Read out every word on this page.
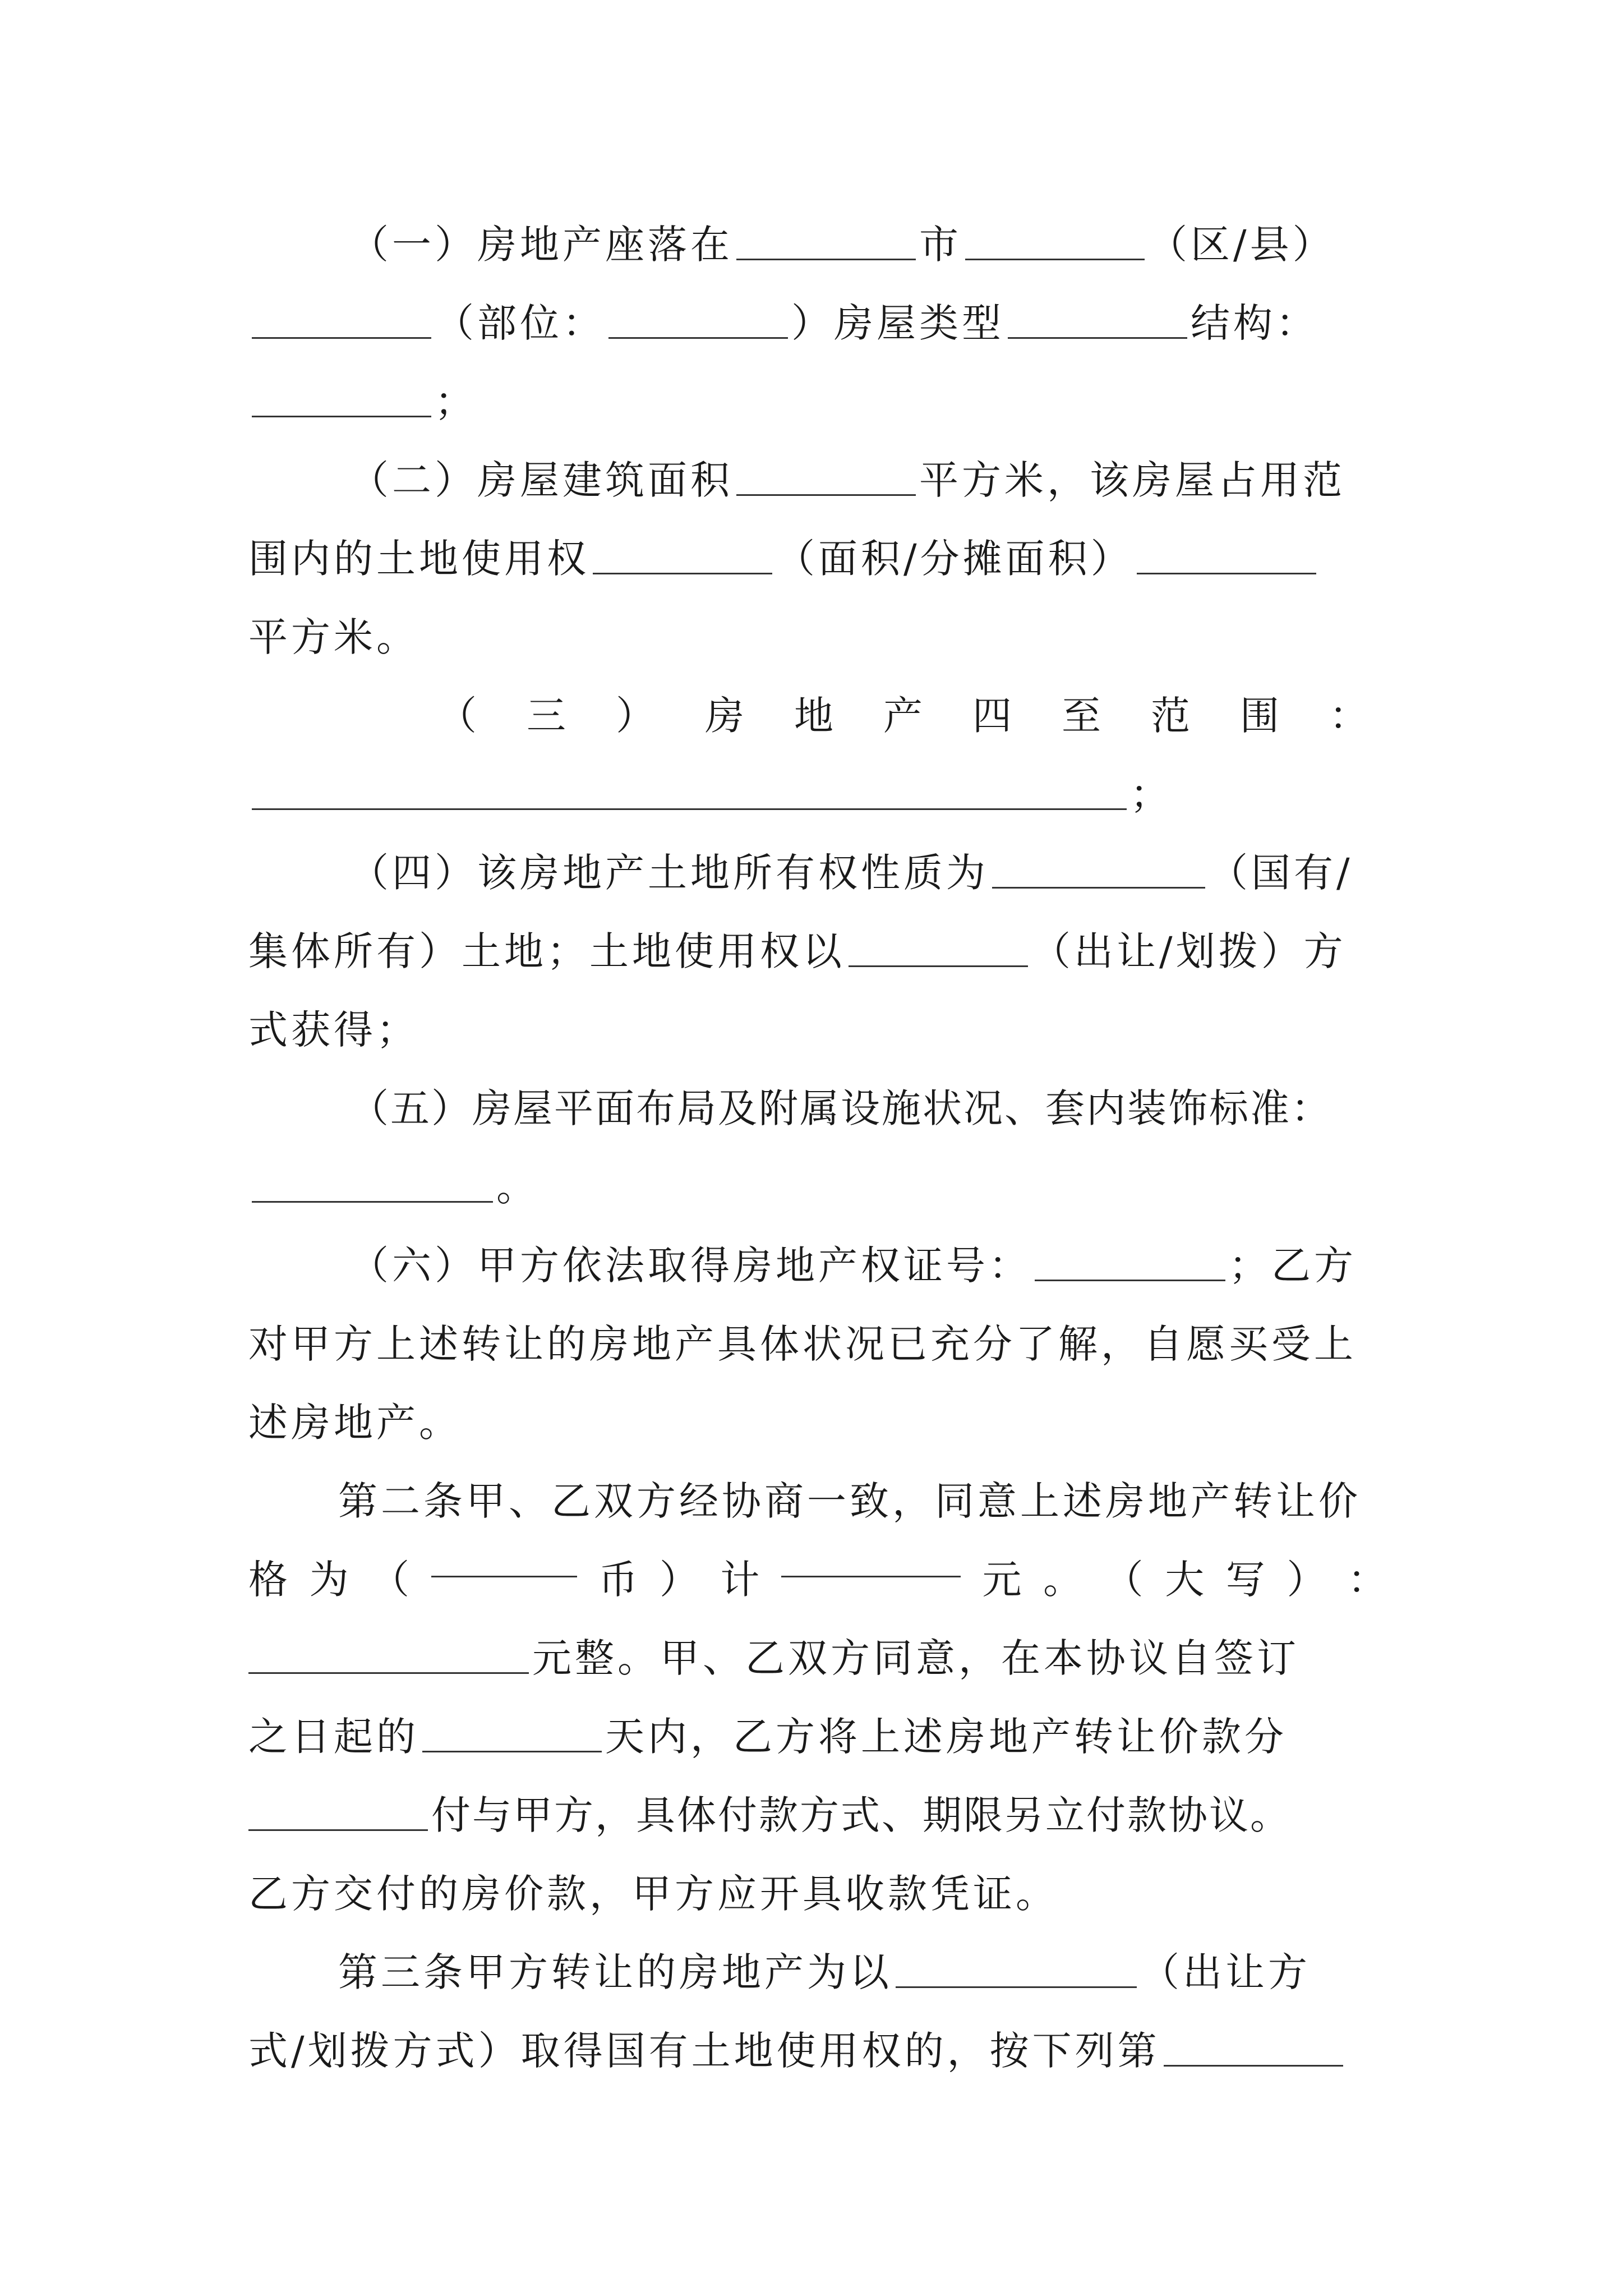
（一）房地产座落在	市	（区/县）
（部位：	）房屋类型	结构：
；
（二）房屋建筑面积	平方米，该房屋占用范
围内的土地使用权	（面积/分摊面积）
平方米。
（ 三 ） 房 地 产 四 至 范 围 ：
；
（四）该房地产土地所有权性质为	（国有/
集体所有）土地；土地使用权以	（出让/划拨）方
式获得；
（五）房屋平面布局及附属设施状况、套内装饰标准：
。
（六）甲方依法取得房地产权证号：	；乙方
对甲方上述转让的房地产具体状况已充分了解，自愿买受上
述房地产。
第二条甲、乙双方经协商一致，同意上述房地产转让价
格 为 （	币 ） 计	元 。 （ 大 写 ） ：
元整。甲、乙双方同意，在本协议自签订
之日起的	天内，乙方将上述房地产转让价款分
付与甲方，具体付款方式、期限另立付款协议。
乙方交付的房价款，甲方应开具收款凭证。
第三条甲方转让的房地产为以	（出让方
式/划拨方式）取得国有土地使用权的，按下列第
